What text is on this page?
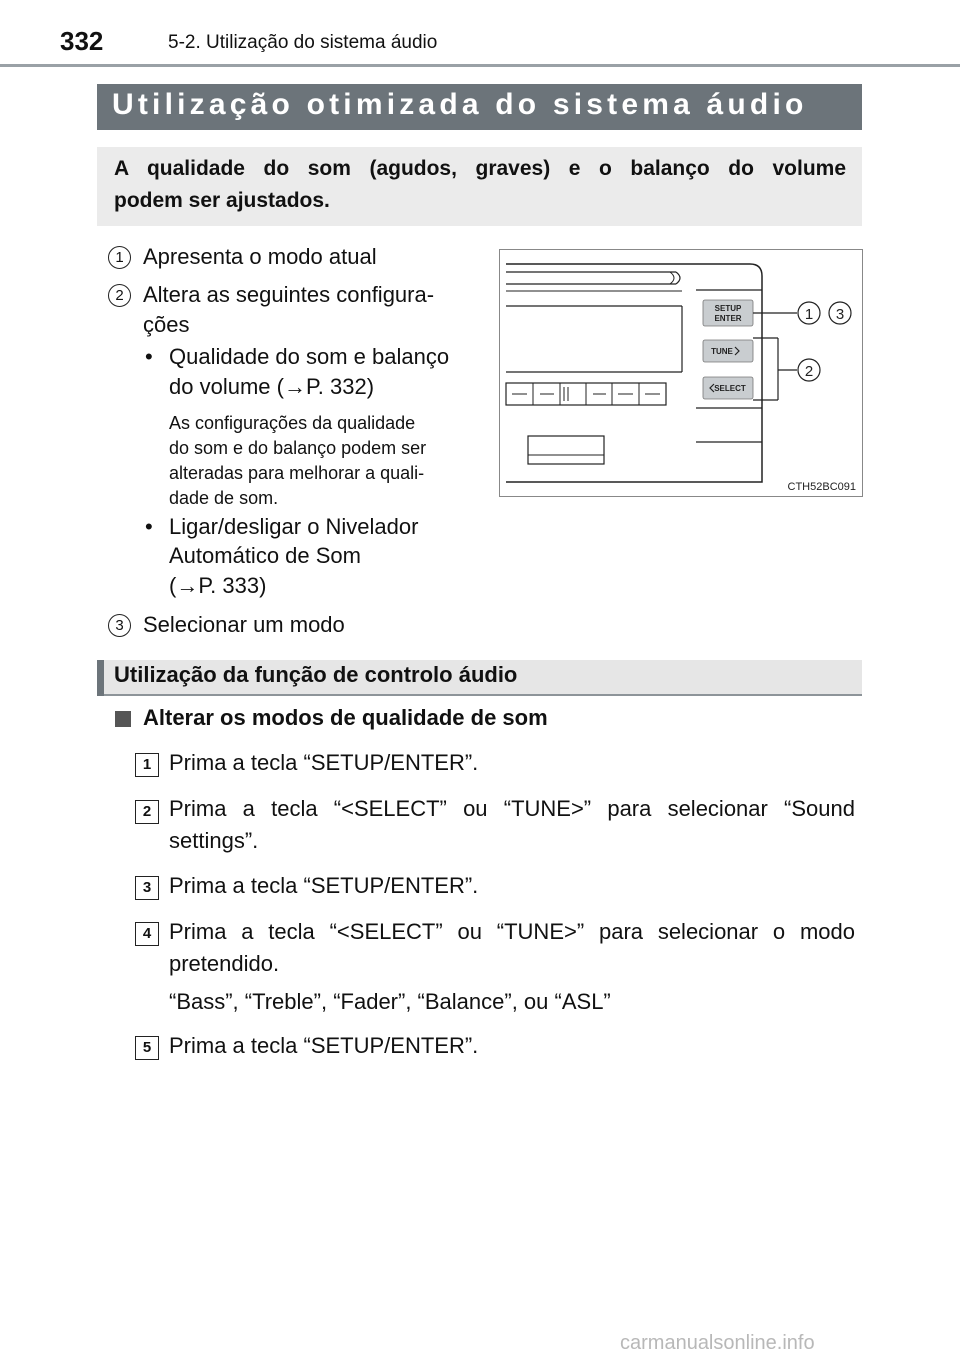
332	5-2. Utilização do sistema áudio
Utilização otimizada do sistema áudio
A qualidade do som (agudos, graves) e o balanço do volume
podem ser ajustados.
1 Apresenta o modo atual
2 Altera as seguintes configura-
ções
• Qualidade do som e balanço
do volume (→P. 332)
As configurações da qualidade
do som e do balanço podem ser
alteradas para melhorar a quali-
dade de som.
• Ligar/desligar o Nivelador
Automático de Som
(→P. 333)
3 Selecionar um modo
SETUP
ENTER
TUNE
SELECT
1 3
2
CTH52BC091
Utilização da função de controlo áudio
Alterar os modos de qualidade de som
1 Prima a tecla “SETUP/ENTER”.
2 Prima a tecla “<SELECT” ou “TUNE>” para selecionar “Sound
settings”.
3 Prima a tecla “SETUP/ENTER”.
4 Prima a tecla “<SELECT” ou “TUNE>” para selecionar o modo
pretendido.
“Bass”, “Treble”, “Fader”, “Balance”, ou “ASL”
5 Prima a tecla “SETUP/ENTER”.
carmanualsonline.info
